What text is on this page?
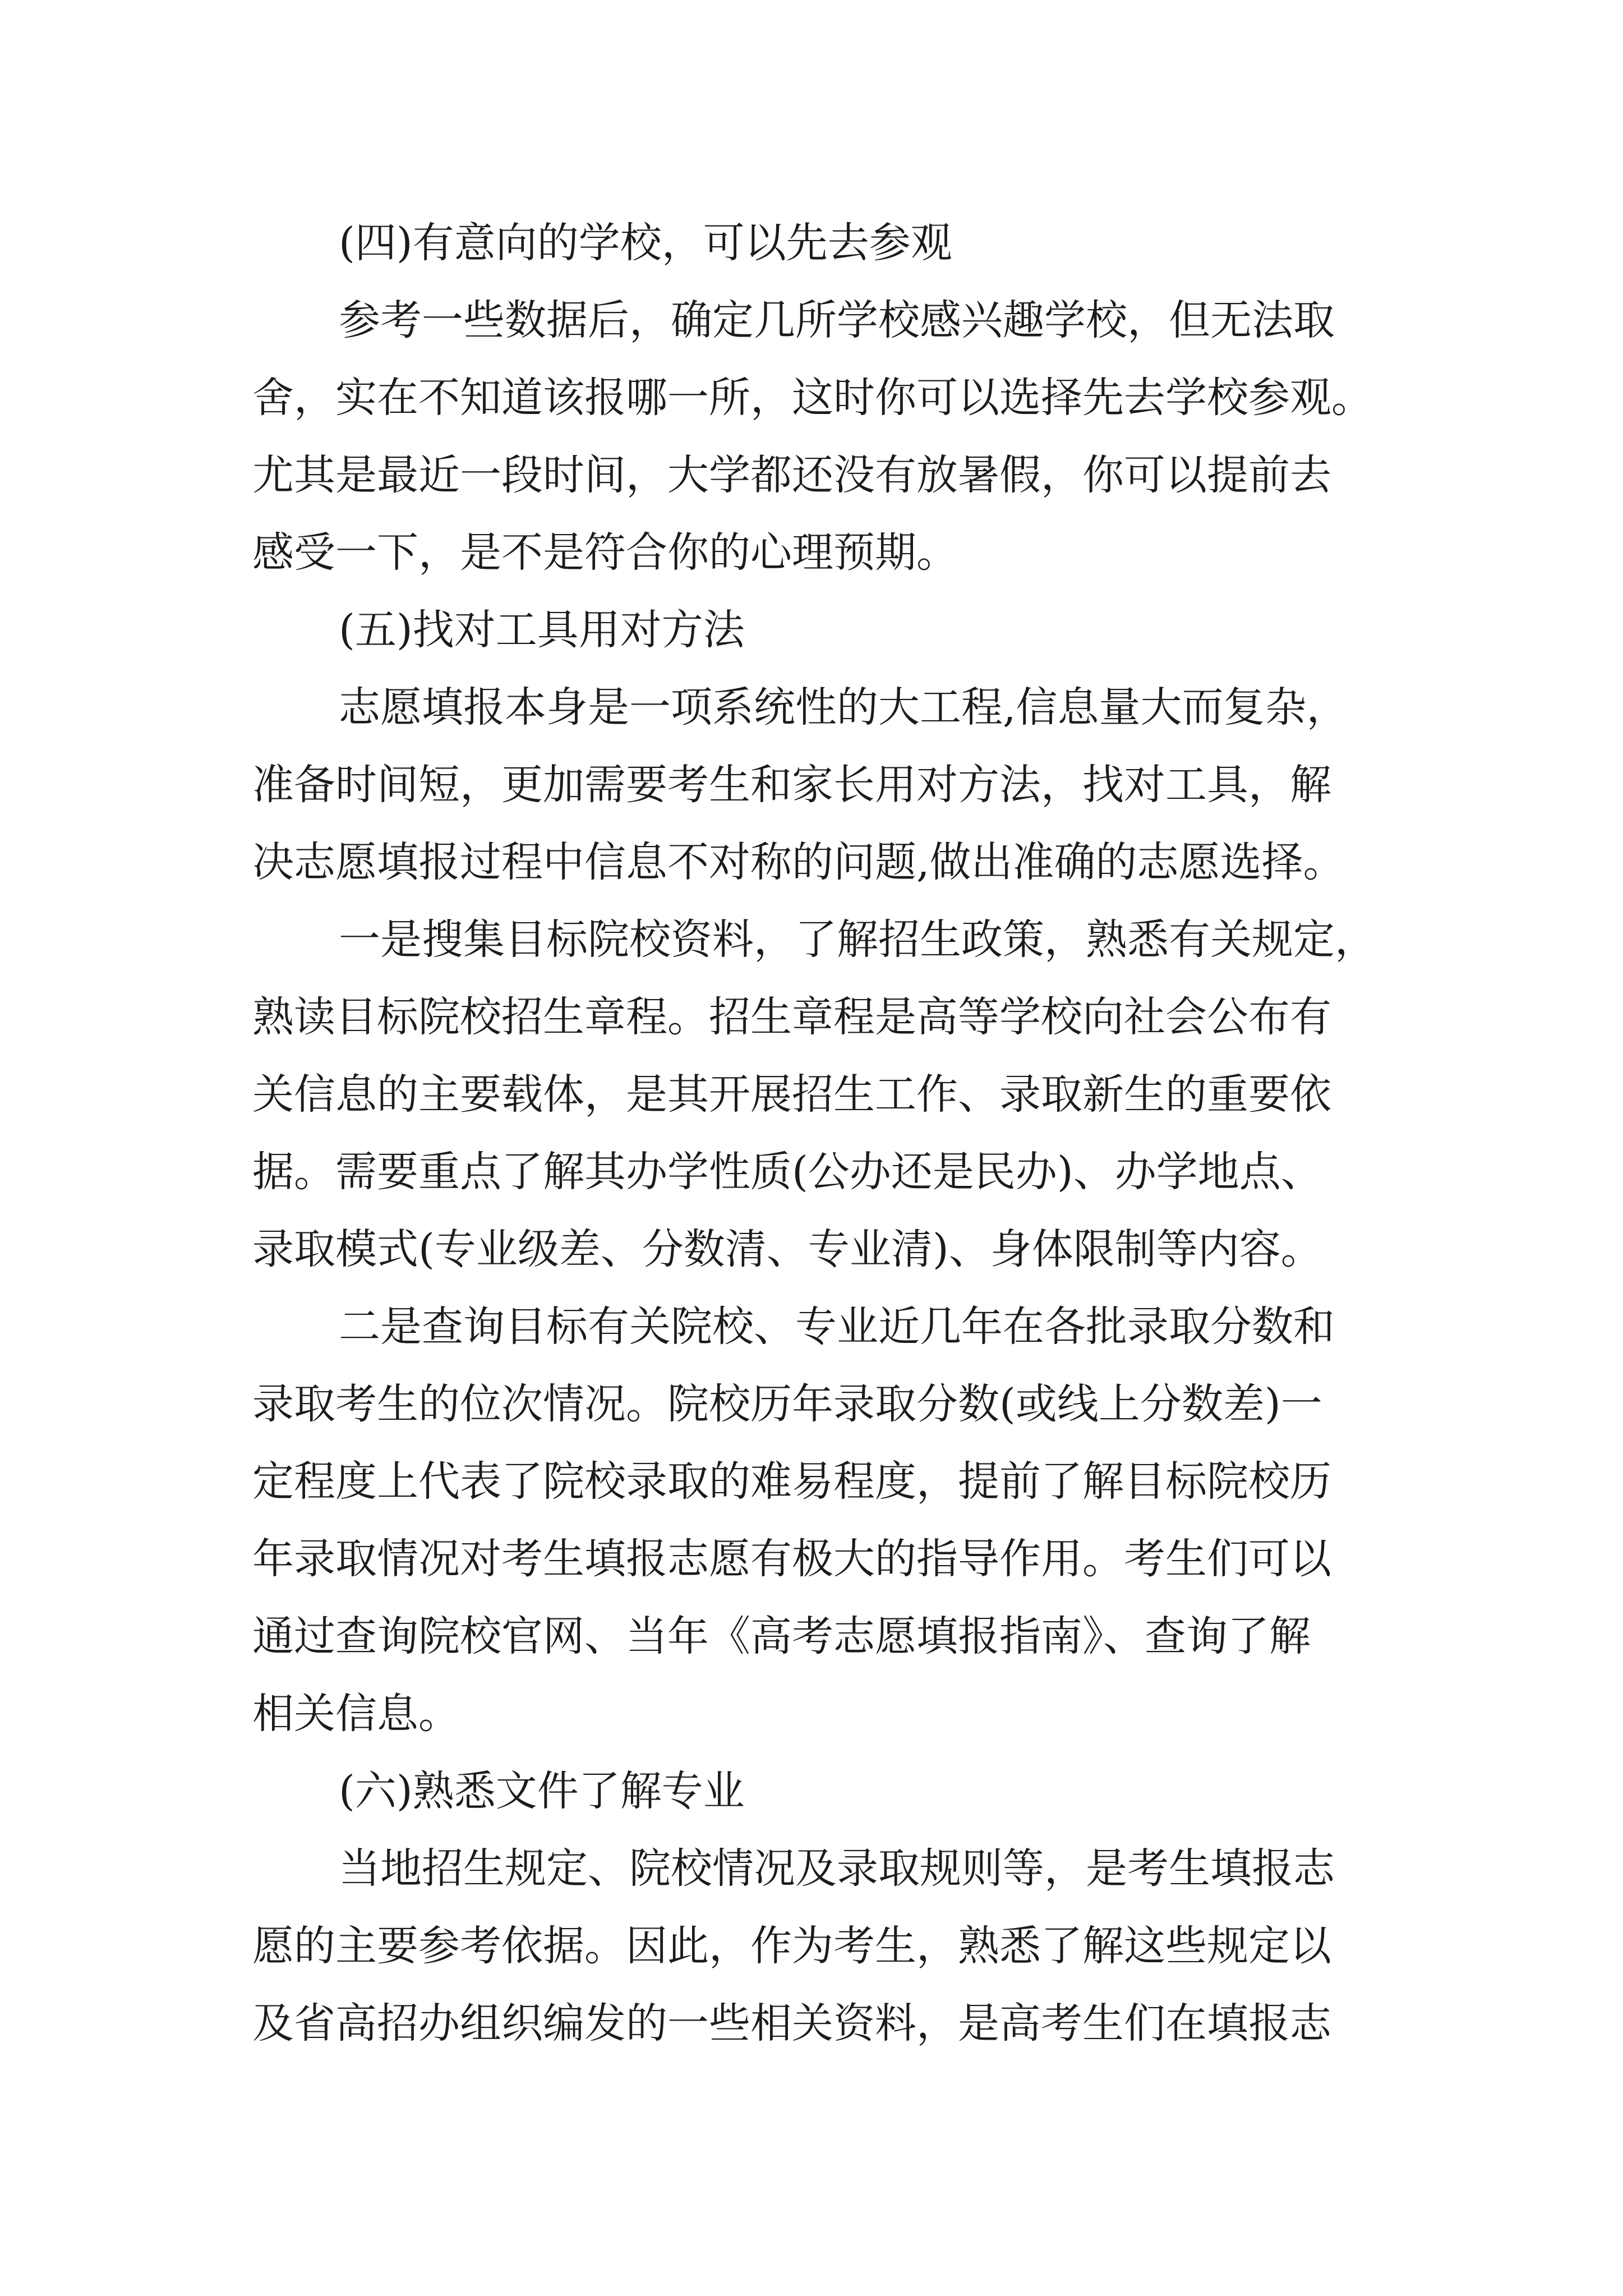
(四)有意向的学校，可以先去参观

参考一些数据后，确定几所学校感兴趣学校，但无法取

舍，实在不知道该报哪一所，这时你可以选择先去学校参观。

尤其是最近一段时间，大学都还没有放暑假，你可以提前去

感受一下，是不是符合你的心理预期。

(五)找对工具用对方法

志愿填报本身是一项系统性的大工程,信息量大而复杂，

准备时间短，更加需要考生和家长用对方法，找对工具，解

决志愿填报过程中信息不对称的问题,做出准确的志愿选择。

一是搜集目标院校资料，了解招生政策，熟悉有关规定，

熟读目标院校招生章程。招生章程是高等学校向社会公布有

关信息的主要载体，是其开展招生工作、录取新生的重要依

据。需要重点了解其办学性质(公办还是民办)、办学地点、

录取模式(专业级差、分数清、专业清)、身体限制等内容。

二是查询目标有关院校、专业近几年在各批录取分数和

录取考生的位次情况。院校历年录取分数(或线上分数差)一

定程度上代表了院校录取的难易程度，提前了解目标院校历

年录取情况对考生填报志愿有极大的指导作用。考生们可以

通过查询院校官网、当年《高考志愿填报指南》、查询了解

相关信息。

(六)熟悉文件了解专业

当地招生规定、院校情况及录取规则等，是考生填报志

愿的主要参考依据。因此，作为考生，熟悉了解这些规定以

及省高招办组织编发的一些相关资料，是高考生们在填报志
